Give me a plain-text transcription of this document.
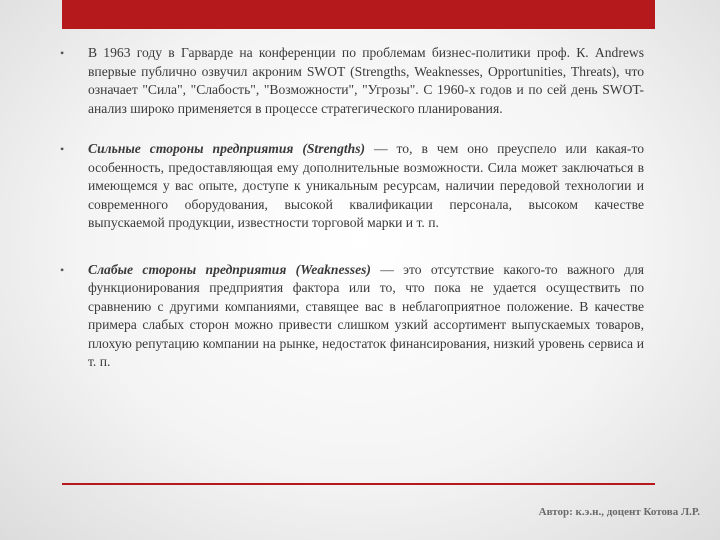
• В 1963 году в Гарварде на конференции по проблемам бизнес-политики проф. К. Andrews впервые публично озвучил акроним SWOT (Strengths, Weaknesses, Opportunities, Threats), что означает "Сила", "Слабость", "Возможности", "Угрозы". С 1960-х годов и по сей день SWOT-анализ широко применяется в процессе стратегического планирования.
• Сильные стороны предприятия (Strengths) — то, в чем оно преуспело или какая-то особенность, предоставляющая ему дополнительные возможности. Сила может заключаться в имеющемся у вас опыте, доступе к уникальным ресурсам, наличии передовой технологии и современного оборудования, высокой квалификации персонала, высоком качестве выпускаемой продукции, известности торговой марки и т. п.
• Слабые стороны предприятия (Weaknesses) — это отсутствие какого-то важного для функционирования предприятия фактора или то, что пока не удается осуществить по сравнению с другими компаниями, ставящее вас в неблагоприятное положение. В качестве примера слабых сторон можно привести слишком узкий ассортимент выпускаемых товаров, плохую репутацию компании на рынке, недостаток финансирования, низкий уровень сервиса и т. п.
Автор: к.э.н., доцент Котова Л.Р.
